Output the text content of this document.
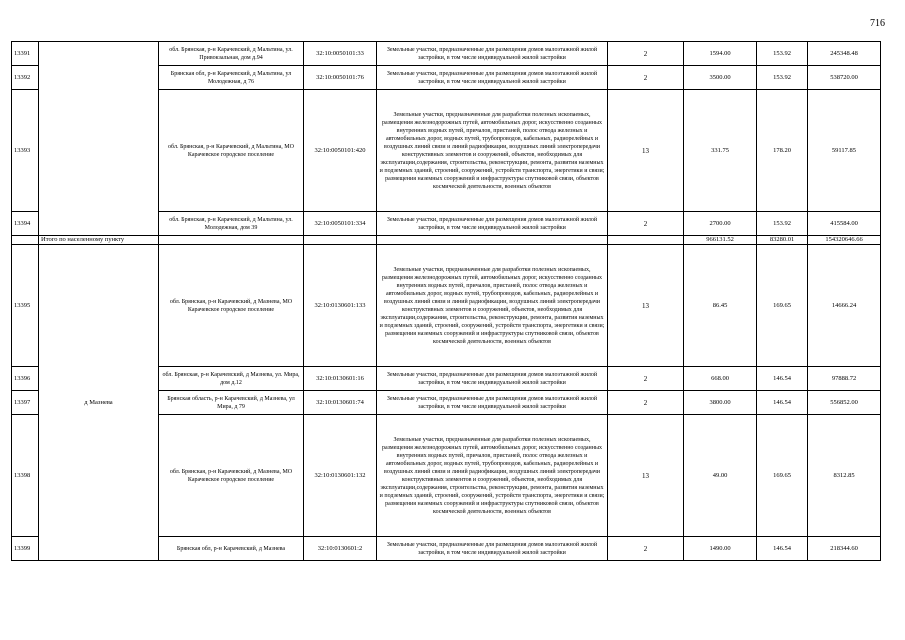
716
13391		обл. Брянская, р-н Карачевский, д Мальтина, ул. Привокзальная, дом д.94	32:10:0050101:33	Земельные участки, предназначенные для размещения домов малоэтажной жилой застройки, в том числе индивидуальной жилой застройки	2	1594.00	153.92	245348.48
13392		Брянская обл, р-н Карачевский, д Мальтина, ул Молодежная, д 76	32:10:0050101:76	Земельные участки, предназначенные для размещения домов малоэтажной жилой застройки, в том числе индивидуальной жилой застройки	2	3500.00	153.92	538720.00
13393		обл. Брянская, р-н Карачевский, д Мальтина, МО Карачевское городское поселение	32:10:0050101:420	Земельные участки, предназначенные для разработки полезных ископаемых, размещения железнодорожных путей, автомобильных дорог, искусственно созданных внутренних водных путей, причалов, пристаней, полос отвода железных и автомобильных дорог, водных путей, трубопроводов, кабельных, радиорелейных и воздушных линий связи и линий радиофикации, воздушных линий электропередачи конструктивных элементов и сооружений, объектов, необходимых для эксплуатации,содержания, строительства, реконструкции, ремонта, развития наземных и подземных зданий, строений, сооружений, устройств транспорта, энергетики и связи; размещения наземных сооружений и инфраструктуры спутниковой связи, объектов космической деятельности, военных объектов	13	331.75	178.20	59117.85
13394		обл. Брянская, р-н Карачевский, д Мальтина, ул. Молодежная, дом 39	32:10:0050101:334	Земельные участки, предназначенные для размещения домов малоэтажной жилой застройки, в том числе индивидуальной жилой застройки	2	2700.00	153.92	415584.00
	Итого по населенному пункту					966131.52	83280.01	154320646.66
13395	д Мазнева	обл. Брянская, р-н Карачевский, д Мазнева, МО Карачевское городское поселение	32:10:0130601:133	Земельные участки, предназначенные для разработки полезных ископаемых, размещения железнодорожных путей, автомобильных дорог, искусственно созданных внутренних водных путей, причалов, пристаней, полос отвода железных и автомобильных дорог, водных путей, трубопроводов, кабельных, радиорелейных и воздушных линий связи и линий радиофикации, воздушных линий электропередачи конструктивных элементов и сооружений, объектов, необходимых для эксплуатации,содержания, строительства, реконструкции, ремонта, развития наземных и подземных зданий, строений, сооружений, устройств транспорта, энергетики и связи; размещения наземных сооружений и инфраструктуры спутниковой связи, объектов космической деятельности, военных объектов	13	86.45	169.65	14666.24
13396		обл. Брянская, р-н Карачевский, д Мазнева, ул. Мира, дом д.12	32:10:0130601:16	Земельные участки, предназначенные для размещения домов малоэтажной жилой застройки, в том числе индивидуальной жилой застройки	2	668.00	146.54	97888.72
13397		Брянская область, р-н Карачевский, д Мазнева, ул Мира, д 79	32:10:0130601:74	Земельные участки, предназначенные для размещения домов малоэтажной жилой застройки, в том числе индивидуальной жилой застройки	2	3800.00	146.54	556852.00
13398		обл. Брянская, р-н Карачевский, д Мазнева, МО Карачевское городское поселение	32:10:0130601:132	Земельные участки, предназначенные для разработки полезных ископаемых, размещения железнодорожных путей, автомобильных дорог, искусственно созданных внутренних водных путей, причалов, пристаней, полос отвода железных и автомобильных дорог, водных путей, трубопроводов, кабельных, радиорелейных и воздушных линий связи и линий радиофикации, воздушных линий электропередачи конструктивных элементов и сооружений, объектов, необходимых для эксплуатации,содержания, строительства, реконструкции, ремонта, развития наземных и подземных зданий, строений, сооружений, устройств транспорта, энергетики и связи; размещения наземных сооружений и инфраструктуры спутниковой связи, объектов космической деятельности, военных объектов	13	49.00	169.65	8312.85
13399		Брянская обл, р-н Карачевский, д Мазнева	32:10:0130601:2	Земельные участки, предназначенные для размещения домов малоэтажной жилой застройки, в том числе индивидуальной жилой застройки	2	1490.00	146.54	218344.60
